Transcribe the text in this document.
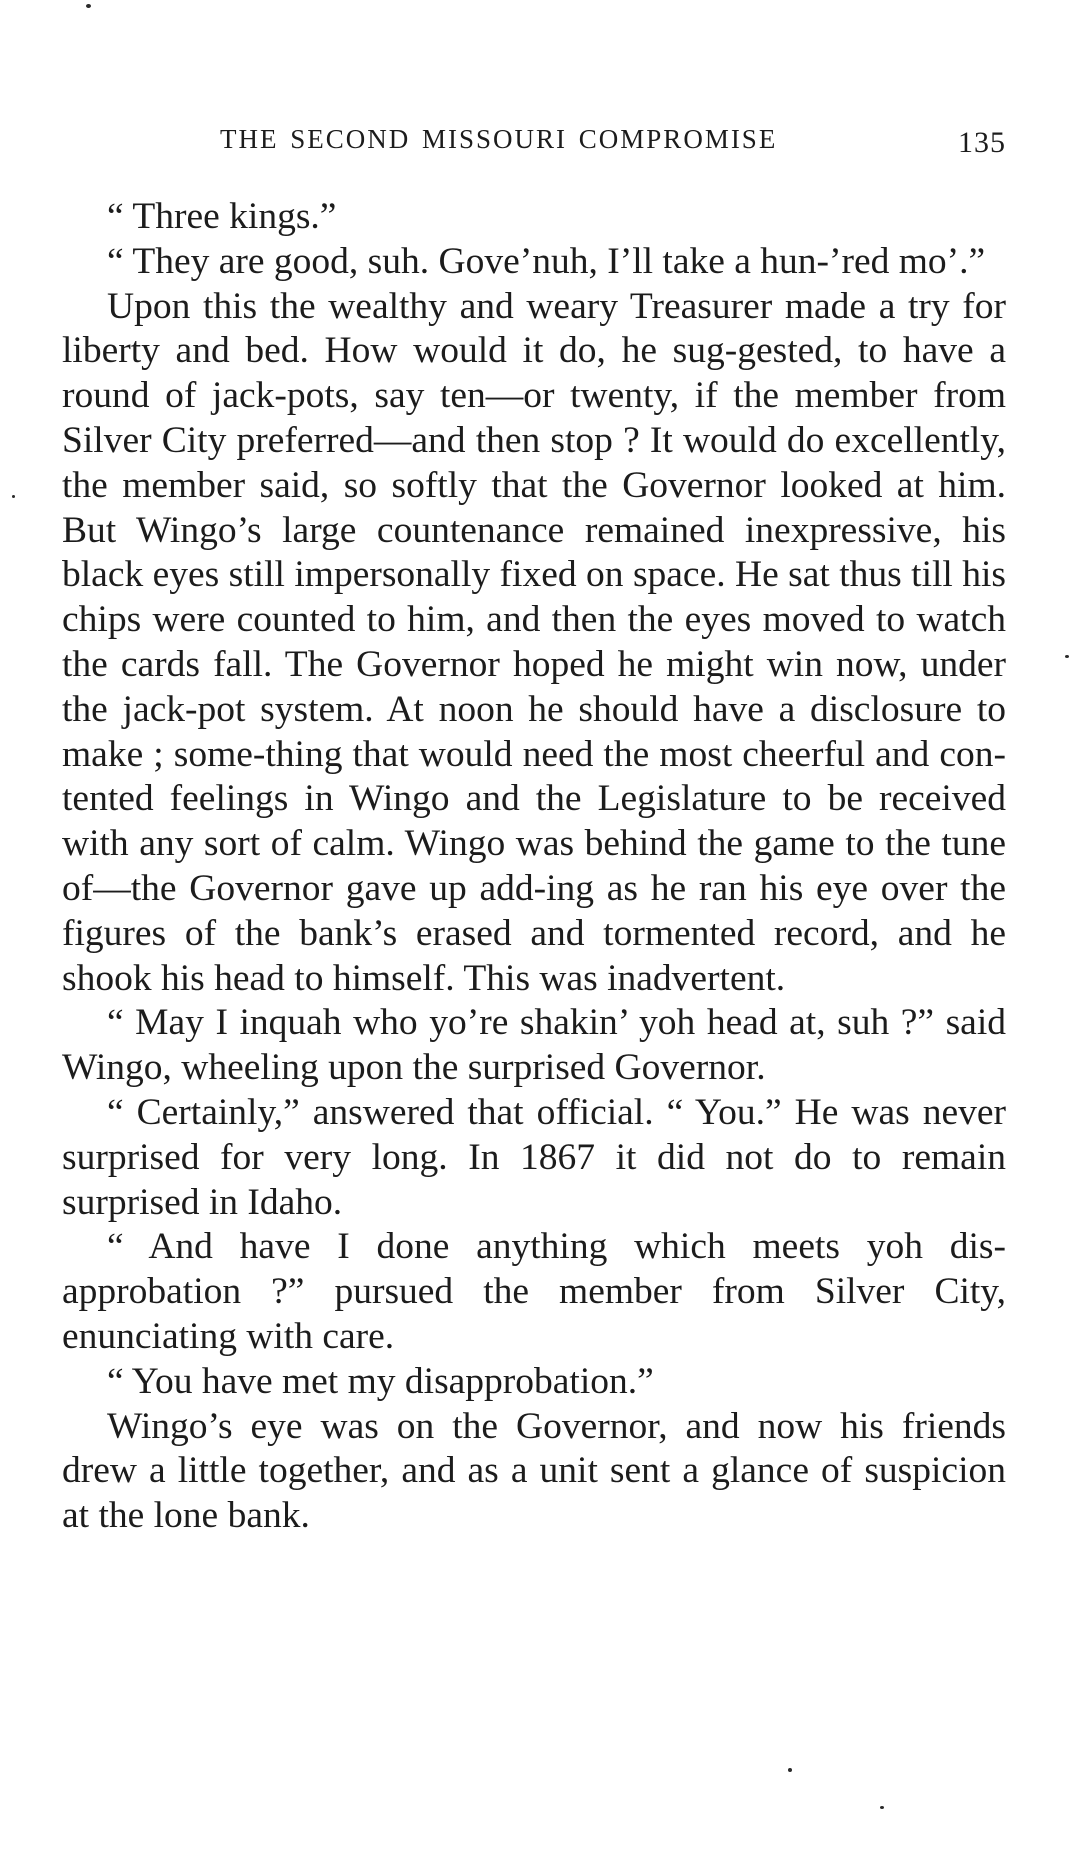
THE SECOND MISSOURI COMPROMISE	135

“ Three kings.”

“ They are good, suh. Gove’nuh, I’ll take a hun-’red mo’.”

Upon this the wealthy and weary Treasurer made a try for liberty and bed. How would it do, he sug-gested, to have a round of jack-pots, say ten—or twenty, if the member from Silver City preferred—and then stop ? It would do excellently, the member said, so softly that the Governor looked at him. But Wingo’s large countenance remained inexpressive, his black eyes still impersonally fixed on space. He sat thus till his chips were counted to him, and then the eyes moved to watch the cards fall. The Governor hoped he might win now, under the jack-pot system. At noon he should have a disclosure to make ; some-thing that would need the most cheerful and con-tented feelings in Wingo and the Legislature to be received with any sort of calm. Wingo was behind the game to the tune of—the Governor gave up add-ing as he ran his eye over the figures of the bank’s erased and tormented record, and he shook his head to himself. This was inadvertent.

“ May I inquah who yo’re shakin’ yoh head at, suh ?” said Wingo, wheeling upon the surprised Governor.

“ Certainly,” answered that official. “ You.” He was never surprised for very long. In 1867 it did not do to remain surprised in Idaho.

“ And have I done anything which meets yoh dis-approbation ?” pursued the member from Silver City, enunciating with care.

“ You have met my disapprobation.”

Wingo’s eye was on the Governor, and now his friends drew a little together, and as a unit sent a glance of suspicion at the lone bank.
